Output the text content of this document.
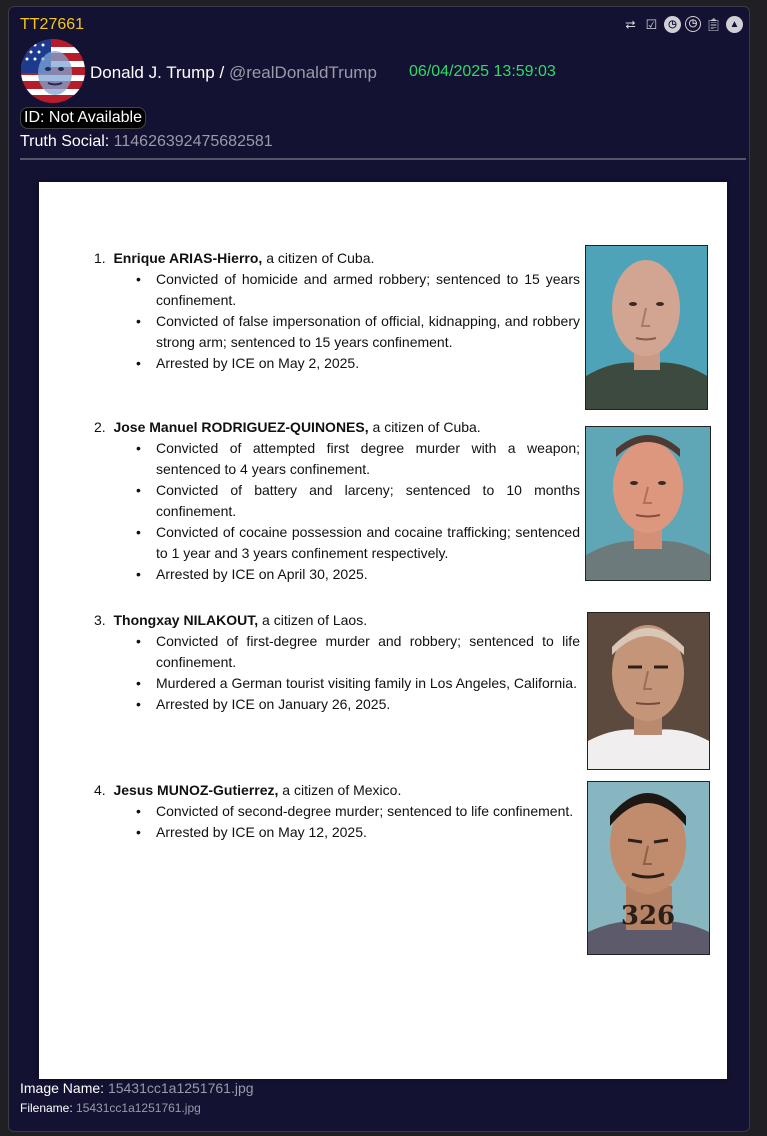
TT27661	⮂ ☑	◷	◷ 📋︎ ▲
Donald J. Trump / @realDonaldTrump 06/04/2025 13:59:03
ID: Not Available
Truth Social: 114626392475682581
1. Enrique ARIAS-Hierro, a citizen of Cuba.
• Convicted of homicide and armed robbery; sentenced to 15 years confinement.
• Convicted of false impersonation of official, kidnapping, and robbery strong arm; sentenced to 15 years confinement.
• Arrested by ICE on May 2, 2025.
2. Jose Manuel RODRIGUEZ-QUINONES, a citizen of Cuba.
• Convicted of attempted first degree murder with a weapon; sentenced to 4 years confinement.
• Convicted of battery and larceny; sentenced to 10 months confinement.
• Convicted of cocaine possession and cocaine trafficking; sentenced to 1 year and 3 years confinement respectively.
• Arrested by ICE on April 30, 2025.
3. Thongxay NILAKOUT, a citizen of Laos.
• Convicted of first-degree murder and robbery; sentenced to life confinement.
• Murdered a German tourist visiting family in Los Angeles, California.
• Arrested by ICE on January 26, 2025.
4. Jesus MUNOZ-Gutierrez, a citizen of Mexico.
• Convicted of second-degree murder; sentenced to life confinement.
• Arrested by ICE on May 12, 2025.
326
Image Name: 15431cc1a1251761.jpg
Filename: 15431cc1a1251761.jpg
